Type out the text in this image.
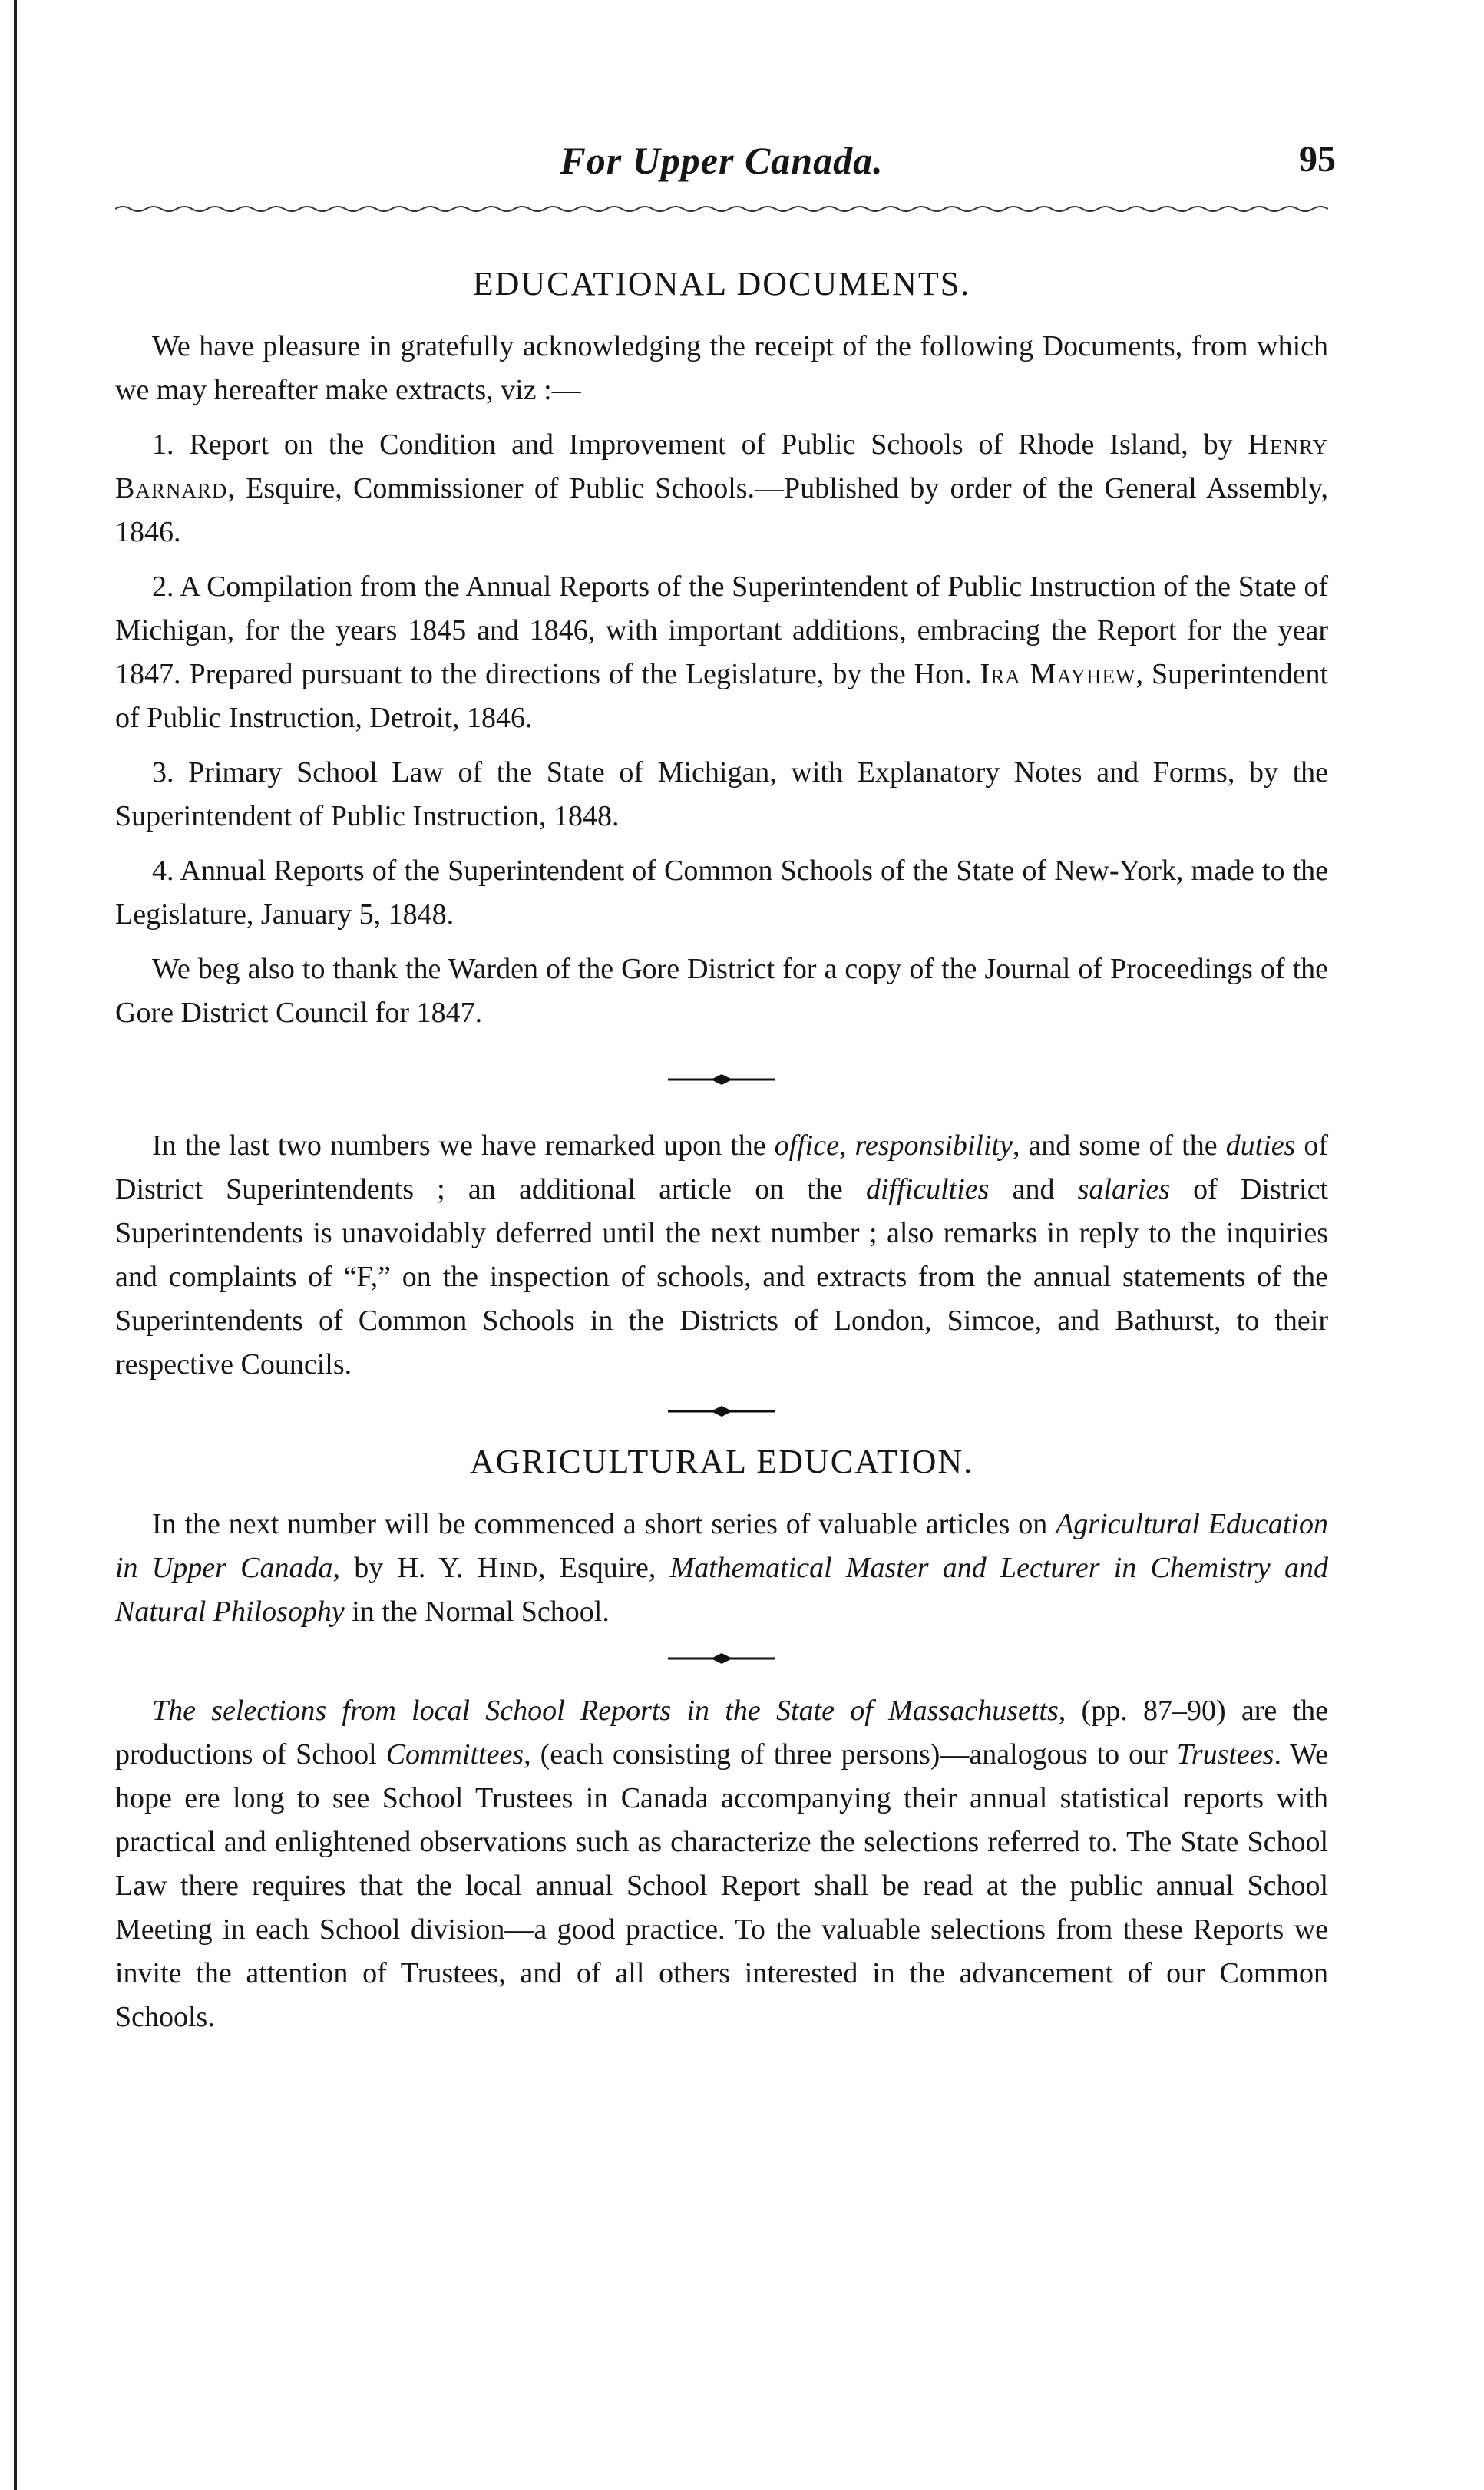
For Upper Canada.	95
EDUCATIONAL DOCUMENTS.

We have pleasure in gratefully acknowledging the receipt of the following Documents, from which we may hereafter make extracts, viz :—

1. Report on the Condition and Improvement of Public Schools of Rhode Island, by Henry Barnard, Esquire, Commissioner of Public Schools.—Published by order of the General Assembly, 1846.

2. A Compilation from the Annual Reports of the Superintendent of Public Instruction of the State of Michigan, for the years 1845 and 1846, with important additions, embracing the Report for the year 1847. Prepared pursuant to the directions of the Legislature, by the Hon. Ira Mayhew, Superintendent of Public Instruction, Detroit, 1846.

3. Primary School Law of the State of Michigan, with Explanatory Notes and Forms, by the Superintendent of Public Instruction, 1848.

4. Annual Reports of the Superintendent of Common Schools of the State of New-York, made to the Legislature, January 5, 1848.

We beg also to thank the Warden of the Gore District for a copy of the Journal of Proceedings of the Gore District Council for 1847.

In the last two numbers we have remarked upon the office, responsibility, and some of the duties of District Superintendents ; an additional article on the difficulties and salaries of District Superintendents is unavoidably deferred until the next number ; also remarks in reply to the inquiries and complaints of “F,” on the inspection of schools, and extracts from the annual statements of the Superintendents of Common Schools in the Districts of London, Simcoe, and Bathurst, to their respective Councils.

AGRICULTURAL EDUCATION.

In the next number will be commenced a short series of valuable articles on Agricultural Education in Upper Canada, by H. Y. Hind, Esquire, Mathematical Master and Lecturer in Chemistry and Natural Philosophy in the Normal School.

The selections from local School Reports in the State of Massachusetts, (pp. 87–90) are the productions of School Committees, (each consisting of three persons)—analogous to our Trustees. We hope ere long to see School Trustees in Canada accompanying their annual statistical reports with practical and enlightened observations such as characterize the selections referred to. The State School Law there requires that the local annual School Report shall be read at the public annual School Meeting in each School division—a good practice. To the valuable selections from these Reports we invite the attention of Trustees, and of all others interested in the advancement of our Common Schools.
